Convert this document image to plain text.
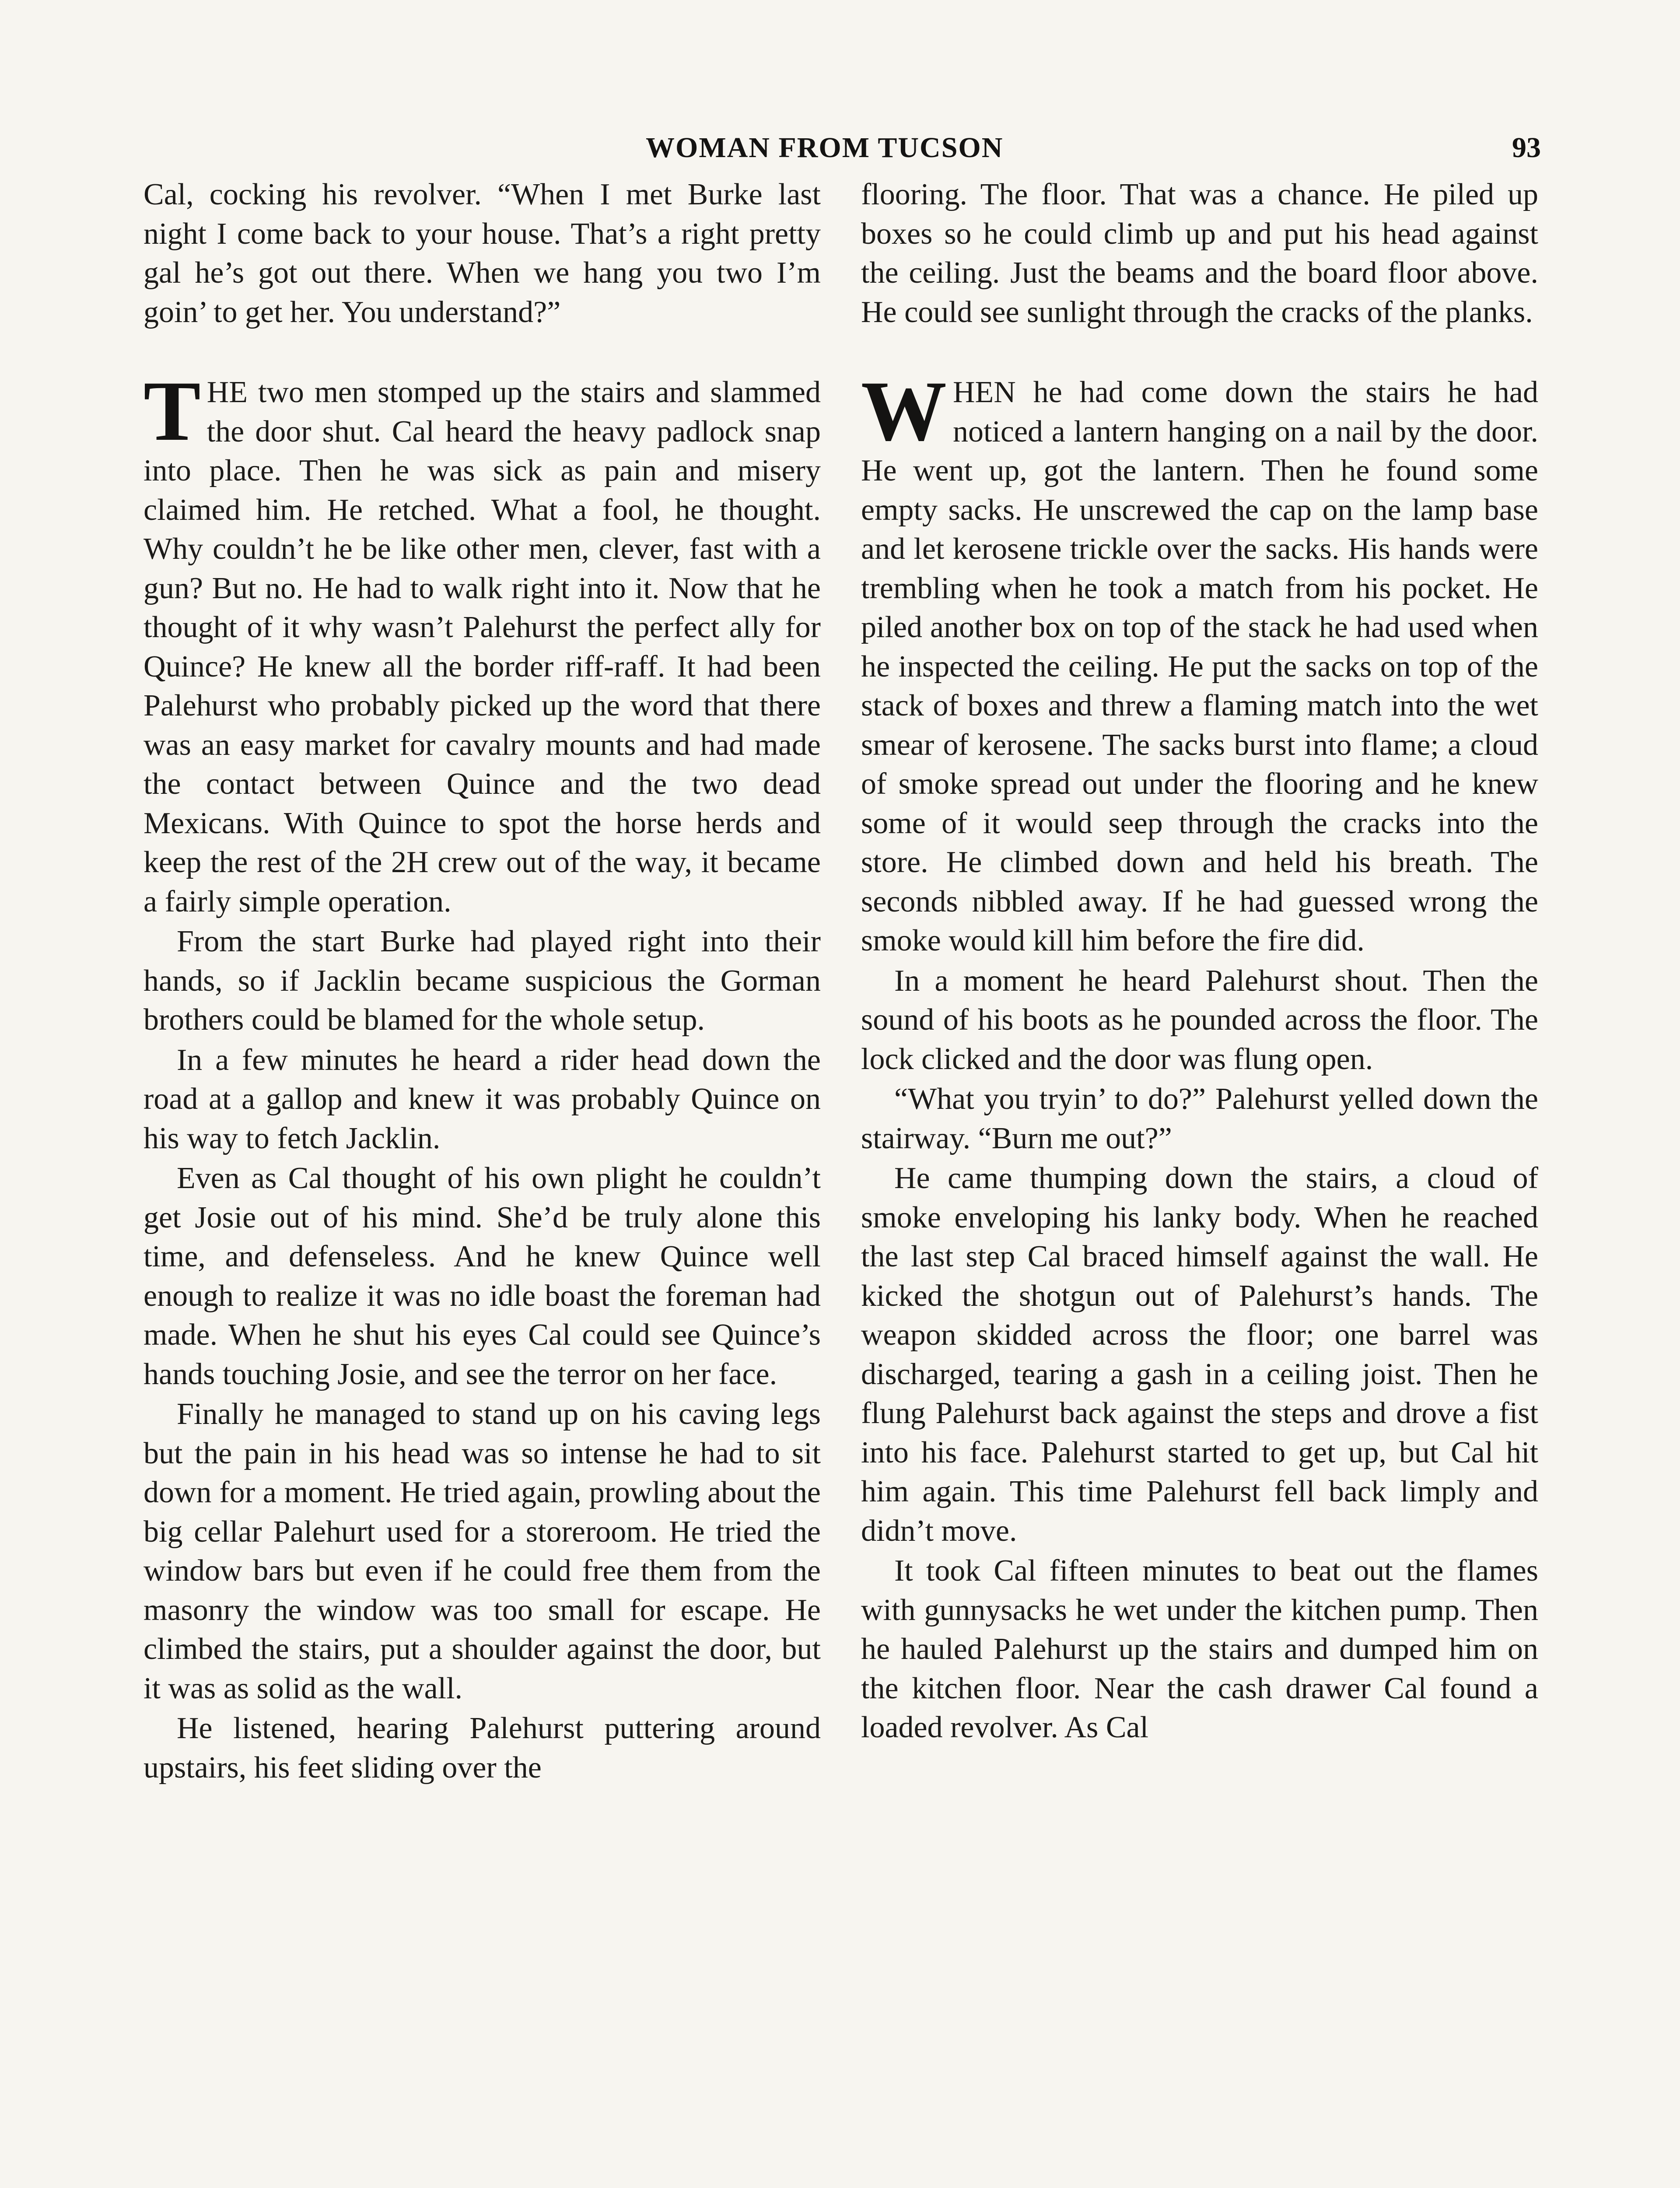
WOMAN FROM TUCSON	93

Cal, cocking his revolver. “When I met Burke last night I come back to your house. That’s a right pretty gal he’s got out there. When we hang you two I’m goin’ to get her. You understand?”

THE two men stomped up the stairs and slammed the door shut. Cal heard the heavy padlock snap into place. Then he was sick as pain and misery claimed him. He retched. What a fool, he thought. Why couldn’t he be like other men, clever, fast with a gun? But no. He had to walk right into it. Now that he thought of it why wasn’t Palehurst the perfect ally for Quince? He knew all the border riff-raff. It had been Palehurst who probably picked up the word that there was an easy market for cavalry mounts and had made the contact between Quince and the two dead Mexicans. With Quince to spot the horse herds and keep the rest of the 2H crew out of the way, it became a fairly simple operation.

From the start Burke had played right into their hands, so if Jacklin became suspicious the Gorman brothers could be blamed for the whole setup.

In a few minutes he heard a rider head down the road at a gallop and knew it was probably Quince on his way to fetch Jacklin.

Even as Cal thought of his own plight he couldn’t get Josie out of his mind. She’d be truly alone this time, and defenseless. And he knew Quince well enough to realize it was no idle boast the foreman had made. When he shut his eyes Cal could see Quince’s hands touching Josie, and see the terror on her face.

Finally he managed to stand up on his caving legs but the pain in his head was so intense he had to sit down for a moment. He tried again, prowling about the big cellar Palehurt used for a storeroom. He tried the window bars but even if he could free them from the masonry the window was too small for escape. He climbed the stairs, put a shoulder against the door, but it was as solid as the wall.

He listened, hearing Palehurst puttering around upstairs, his feet sliding over the

flooring. The floor. That was a chance. He piled up boxes so he could climb up and put his head against the ceiling. Just the beams and the board floor above. He could see sunlight through the cracks of the planks.

WHEN he had come down the stairs he had noticed a lantern hanging on a nail by the door. He went up, got the lantern. Then he found some empty sacks. He unscrewed the cap on the lamp base and let kerosene trickle over the sacks. His hands were trembling when he took a match from his pocket. He piled another box on top of the stack he had used when he inspected the ceiling. He put the sacks on top of the stack of boxes and threw a flaming match into the wet smear of kerosene. The sacks burst into flame; a cloud of smoke spread out under the flooring and he knew some of it would seep through the cracks into the store. He climbed down and held his breath. The seconds nibbled away. If he had guessed wrong the smoke would kill him before the fire did.

In a moment he heard Palehurst shout. Then the sound of his boots as he pounded across the floor. The lock clicked and the door was flung open.

“What you tryin’ to do?” Palehurst yelled down the stairway. “Burn me out?”

He came thumping down the stairs, a cloud of smoke enveloping his lanky body. When he reached the last step Cal braced himself against the wall. He kicked the shotgun out of Palehurst’s hands. The weapon skidded across the floor; one barrel was discharged, tearing a gash in a ceiling joist. Then he flung Palehurst back against the steps and drove a fist into his face. Palehurst started to get up, but Cal hit him again. This time Palehurst fell back limply and didn’t move.

It took Cal fifteen minutes to beat out the flames with gunnysacks he wet under the kitchen pump. Then he hauled Palehurst up the stairs and dumped him on the kitchen floor. Near the cash drawer Cal found a loaded revolver. As Cal
